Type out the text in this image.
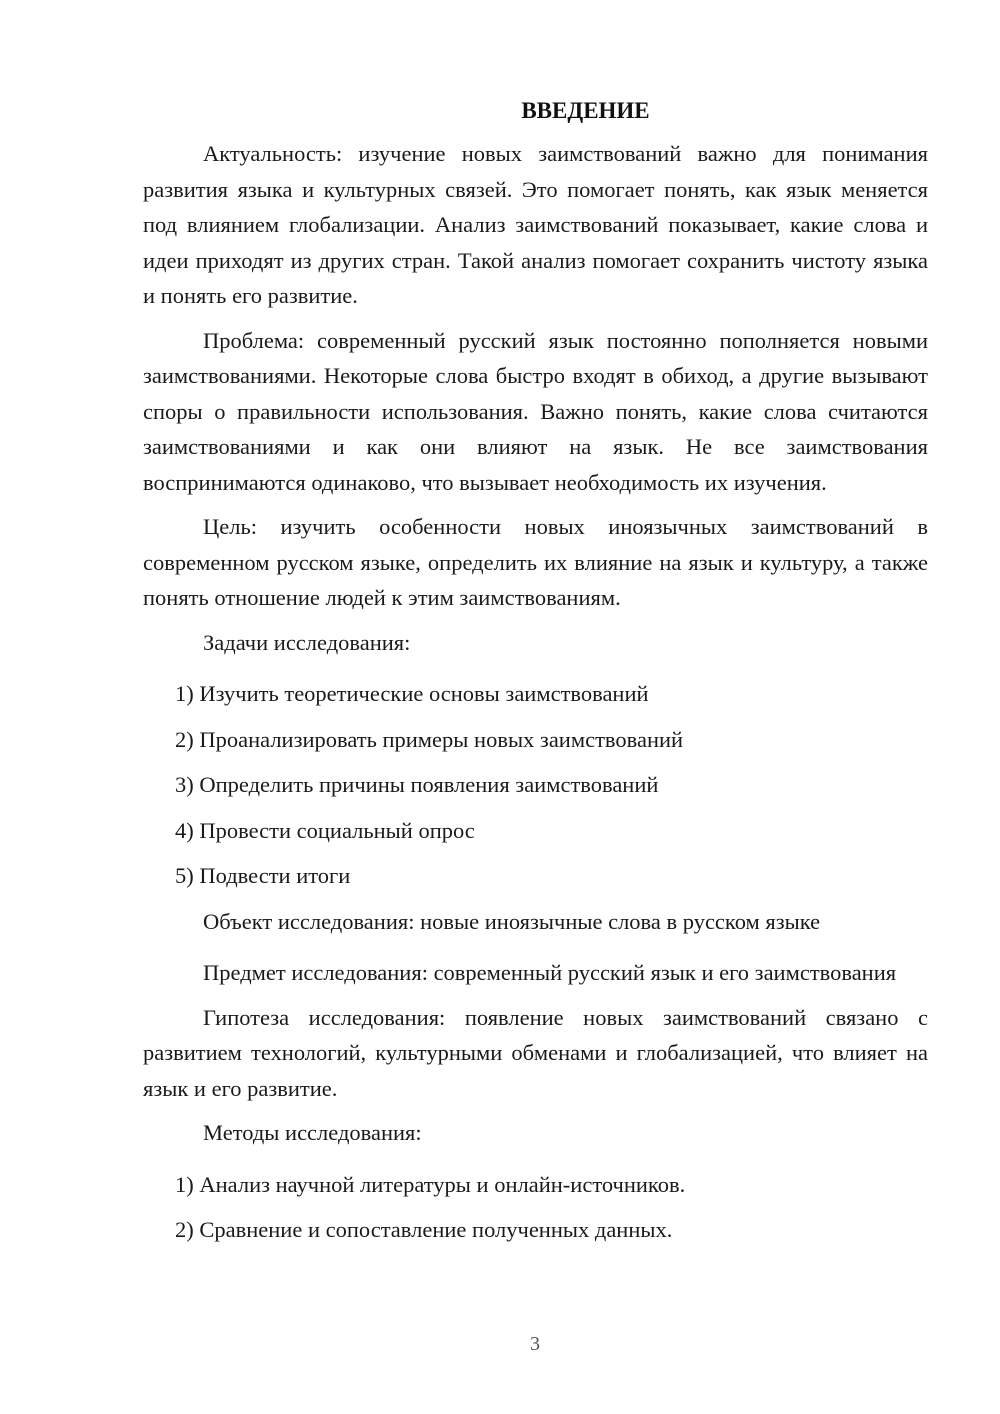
ВВЕДЕНИЕ

Актуальность: изучение новых заимствований важно для понимания развития языка и культурных связей. Это помогает понять, как язык меняется под влиянием глобализации. Анализ заимствований показывает, какие слова и идеи приходят из других стран. Такой анализ помогает сохранить чистоту языка и понять его развитие.

Проблема: современный русский язык постоянно пополняется новыми заимствованиями. Некоторые слова быстро входят в обиход, а другие вызывают споры о правильности использования. Важно понять, какие слова считаются заимствованиями и как они влияют на язык. Не все заимствования воспринимаются одинаково, что вызывает необходимость их изучения.

Цель: изучить особенности новых иноязычных заимствований в современном русском языке, определить их влияние на язык и культуру, а также понять отношение людей к этим заимствованиям.

Задачи исследования:

1) Изучить теоретические основы заимствований
2) Проанализировать примеры новых заимствований
3) Определить причины появления заимствований
4) Провести социальный опрос
5) Подвести итоги

Объект исследования: новые иноязычные слова в русском языке

Предмет исследования: современный русский язык и его заимствования

Гипотеза исследования: появление новых заимствований связано с развитием технологий, культурными обменами и глобализацией, что влияет на язык и его развитие.

Методы исследования:

1) Анализ научной литературы и онлайн-источников.
2) Сравнение и сопоставление полученных данных.
3
